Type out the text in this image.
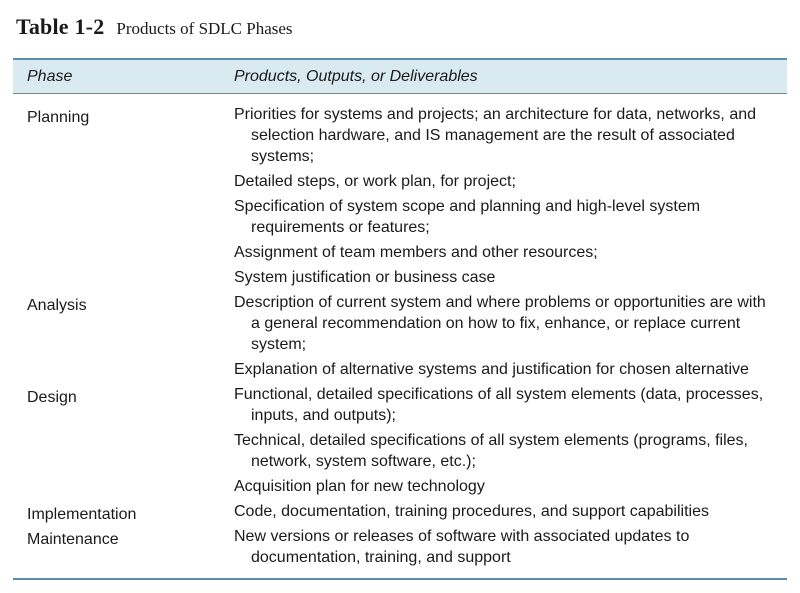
Table 1-2 Products of SDLC Phases
Phase	Products, Outputs, or Deliverables
Planning	Priorities for systems and projects; an architecture for data, networks, and selection hardware, and IS management are the result of associated systems;
Detailed steps, or work plan, for project;
Specification of system scope and planning and high-level system requirements or features;
Assignment of team members and other resources;
System justification or business case
Analysis	Description of current system and where problems or opportunities are with a general recommendation on how to fix, enhance, or replace current system;
Explanation of alternative systems and justification for chosen alternative
Design	Functional, detailed specifications of all system elements (data, processes, inputs, and outputs);
Technical, detailed specifications of all system elements (programs, files, network, system software, etc.);
Acquisition plan for new technology
Implementation	Code, documentation, training procedures, and support capabilities
Maintenance	New versions or releases of software with associated updates to documentation, training, and support
